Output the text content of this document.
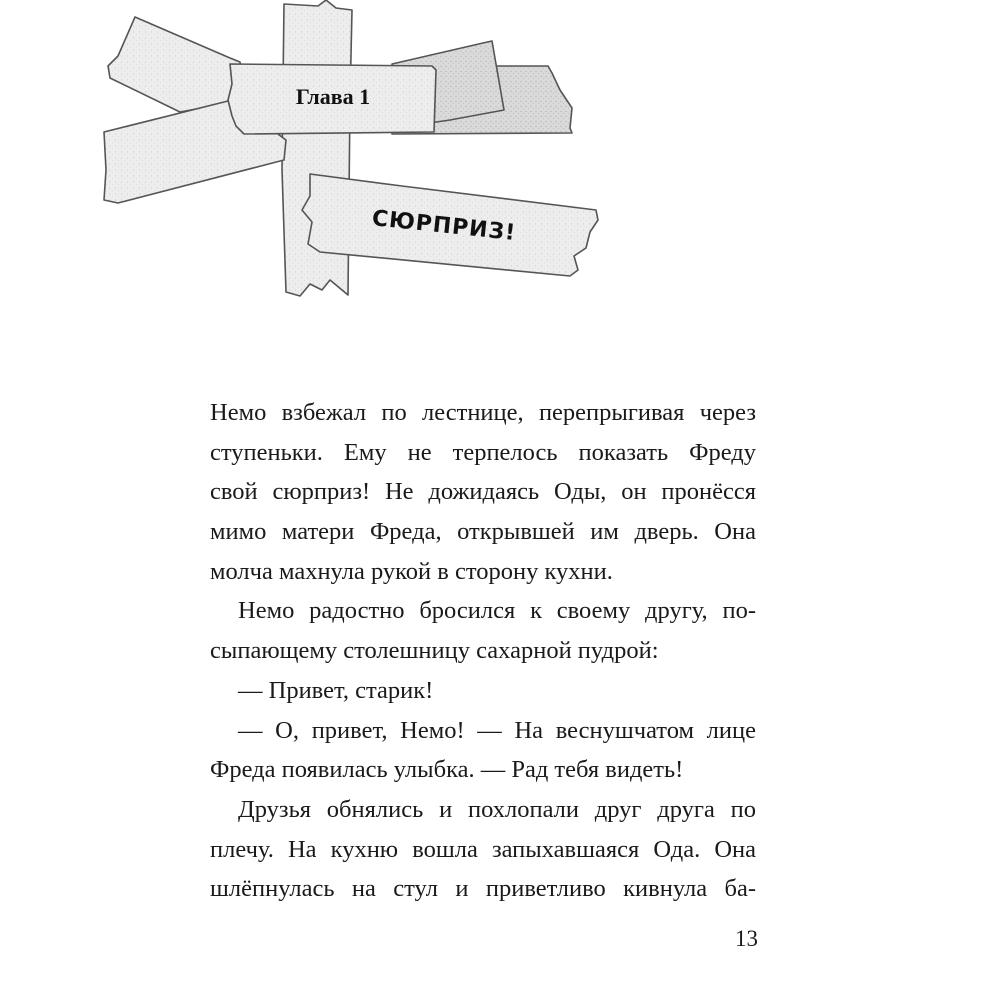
Глава 1
СЮРПРИЗ!
Немо взбежал по лестнице, перепрыгивая через
ступеньки. Ему не терпелось показать Фреду
свой сюрприз! Не дожидаясь Оды, он пронёсся
мимо матери Фреда, открывшей им дверь. Она
молча махнула рукой в сторону кухни.
Немо радостно бросился к своему другу, по-
сыпающему столешницу сахарной пудрой:
— Привет, старик!
— О, привет, Немо! — На веснушчатом лице
Фреда появилась улыбка. — Рад тебя видеть!
Друзья обнялись и похлопали друг друга по
плечу. На кухню вошла запыхавшаяся Ода. Она
шлёпнулась на стул и приветливо кивнула ба-
13
